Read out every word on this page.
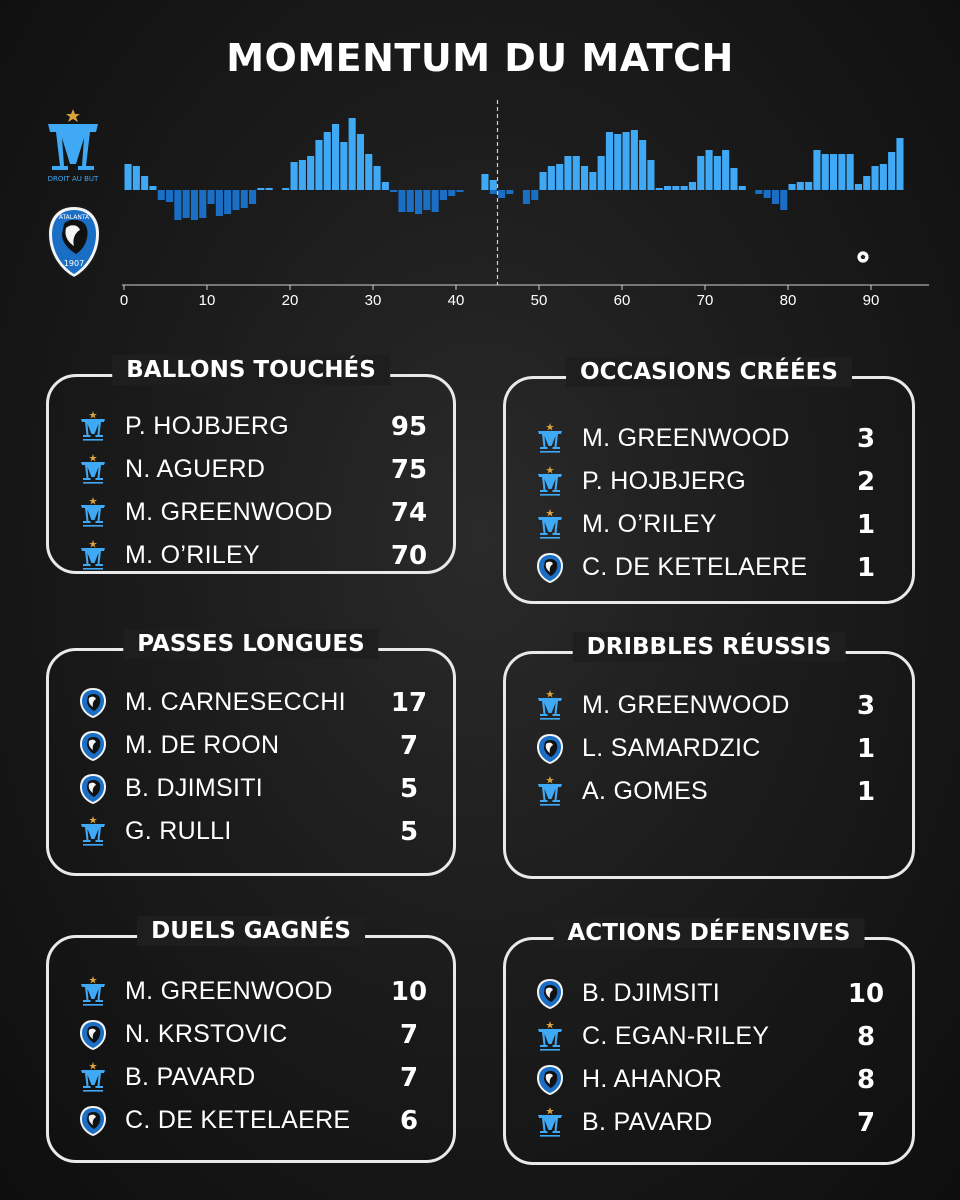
MOMENTUM DU MATCH
DROIT AU BUT
ATALANTA
1907
0	10	20	30	40	50	60	70	80	90
BALLONS TOUCHÉS
P. HOJBJERG	95
N. AGUERD	75
M. GREENWOOD	74
M. O’RILEY	70
OCCASIONS CRÉÉES
M. GREENWOOD	3
P. HOJBJERG	2
M. O’RILEY	1
C. DE KETELAERE	1
PASSES LONGUES
M. CARNESECCHI	17
M. DE ROON	7
B. DJIMSITI	5
G. RULLI	5
DRIBBLES RÉUSSIS
M. GREENWOOD	3
L. SAMARDZIC	1
A. GOMES	1
DUELS GAGNÉS
M. GREENWOOD	10
N. KRSTOVIC	7
B. PAVARD	7
C. DE KETELAERE	6
ACTIONS DÉFENSIVES
B. DJIMSITI	10
C. EGAN-RILEY	8
H. AHANOR	8
B. PAVARD	7
